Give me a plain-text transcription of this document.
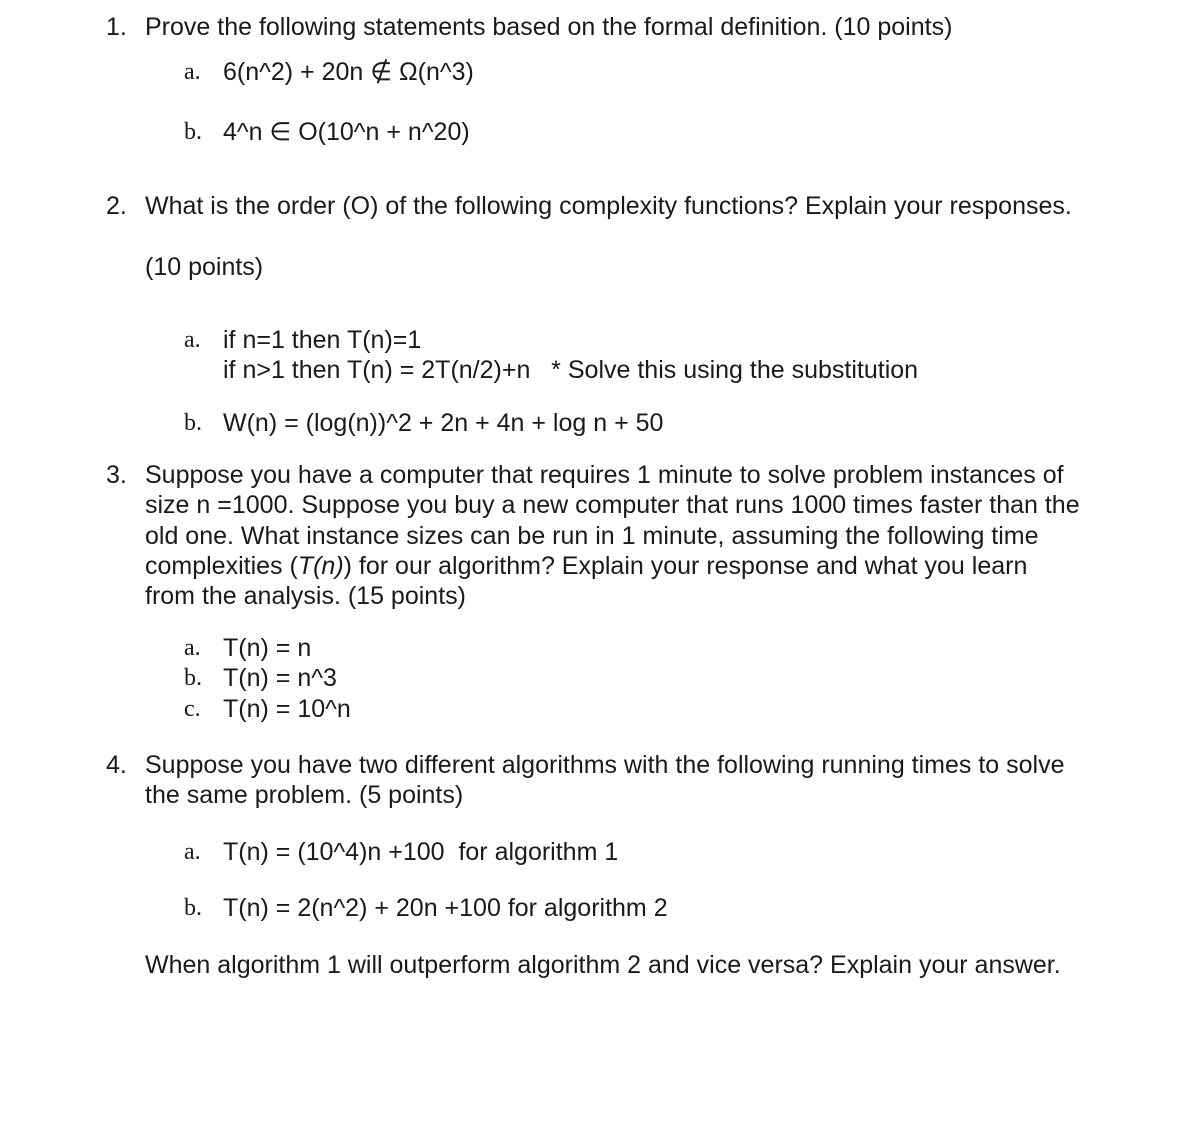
1. Prove the following statements based on the formal definition. (10 points)
a. 6(n^2) + 20n ∉ Ω(n^3)
b. 4^n ∈ O(10^n + n^20)
2. What is the order (O) of the following complexity functions? Explain your responses.
(10 points)
a. if n=1 then T(n)=1
if n>1 then T(n) = 2T(n/2)+n   * Solve this using the substitution
b. W(n) = (log(n))^2 + 2n + 4n + log n + 50
3. Suppose you have a computer that requires 1 minute to solve problem instances of
size n =1000. Suppose you buy a new computer that runs 1000 times faster than the
old one. What instance sizes can be run in 1 minute, assuming the following time
complexities (T(n)) for our algorithm? Explain your response and what you learn
from the analysis. (15 points)
a. T(n) = n
b. T(n) = n^3
c. T(n) = 10^n
4. Suppose you have two different algorithms with the following running times to solve
the same problem. (5 points)
a. T(n) = (10^4)n +100  for algorithm 1
b. T(n) = 2(n^2) + 20n +100 for algorithm 2
When algorithm 1 will outperform algorithm 2 and vice versa? Explain your answer.
